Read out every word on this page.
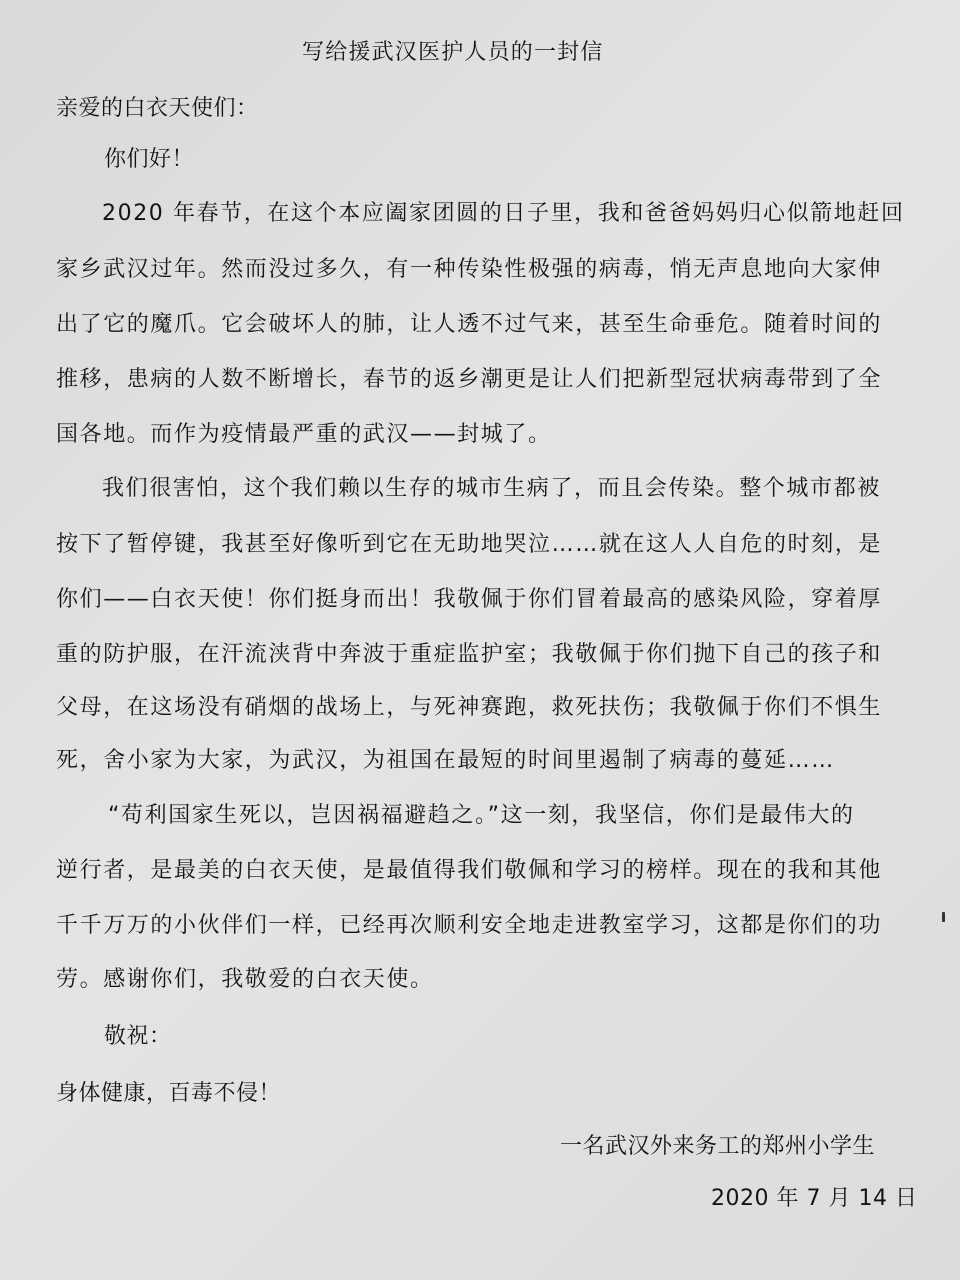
写给援武汉医护人员的一封信
亲爱的白衣天使们：
你们好！
2020 年春节，在这个本应阖家团圆的日子里，我和爸爸妈妈归心似箭地赶回
家乡武汉过年。然而没过多久，有一种传染性极强的病毒，悄无声息地向大家伸
出了它的魔爪。它会破坏人的肺，让人透不过气来，甚至生命垂危。随着时间的
推移，患病的人数不断增长，春节的返乡潮更是让人们把新型冠状病毒带到了全
国各地。而作为疫情最严重的武汉——封城了。
我们很害怕，这个我们赖以生存的城市生病了，而且会传染。整个城市都被
按下了暂停键，我甚至好像听到它在无助地哭泣……就在这人人自危的时刻，是
你们——白衣天使！你们挺身而出！我敬佩于你们冒着最高的感染风险，穿着厚
重的防护服，在汗流浃背中奔波于重症监护室；我敬佩于你们抛下自己的孩子和
父母，在这场没有硝烟的战场上，与死神赛跑，救死扶伤；我敬佩于你们不惧生
死，舍小家为大家，为武汉，为祖国在最短的时间里遏制了病毒的蔓延……
“苟利国家生死以，岂因祸福避趋之。”这一刻，我坚信，你们是最伟大的
逆行者，是最美的白衣天使，是最值得我们敬佩和学习的榜样。现在的我和其他
千千万万的小伙伴们一样，已经再次顺利安全地走进教室学习，这都是你们的功
劳。感谢你们，我敬爱的白衣天使。
敬祝：
身体健康，百毒不侵！
一名武汉外来务工的郑州小学生
2020 年 7 月 14 日
